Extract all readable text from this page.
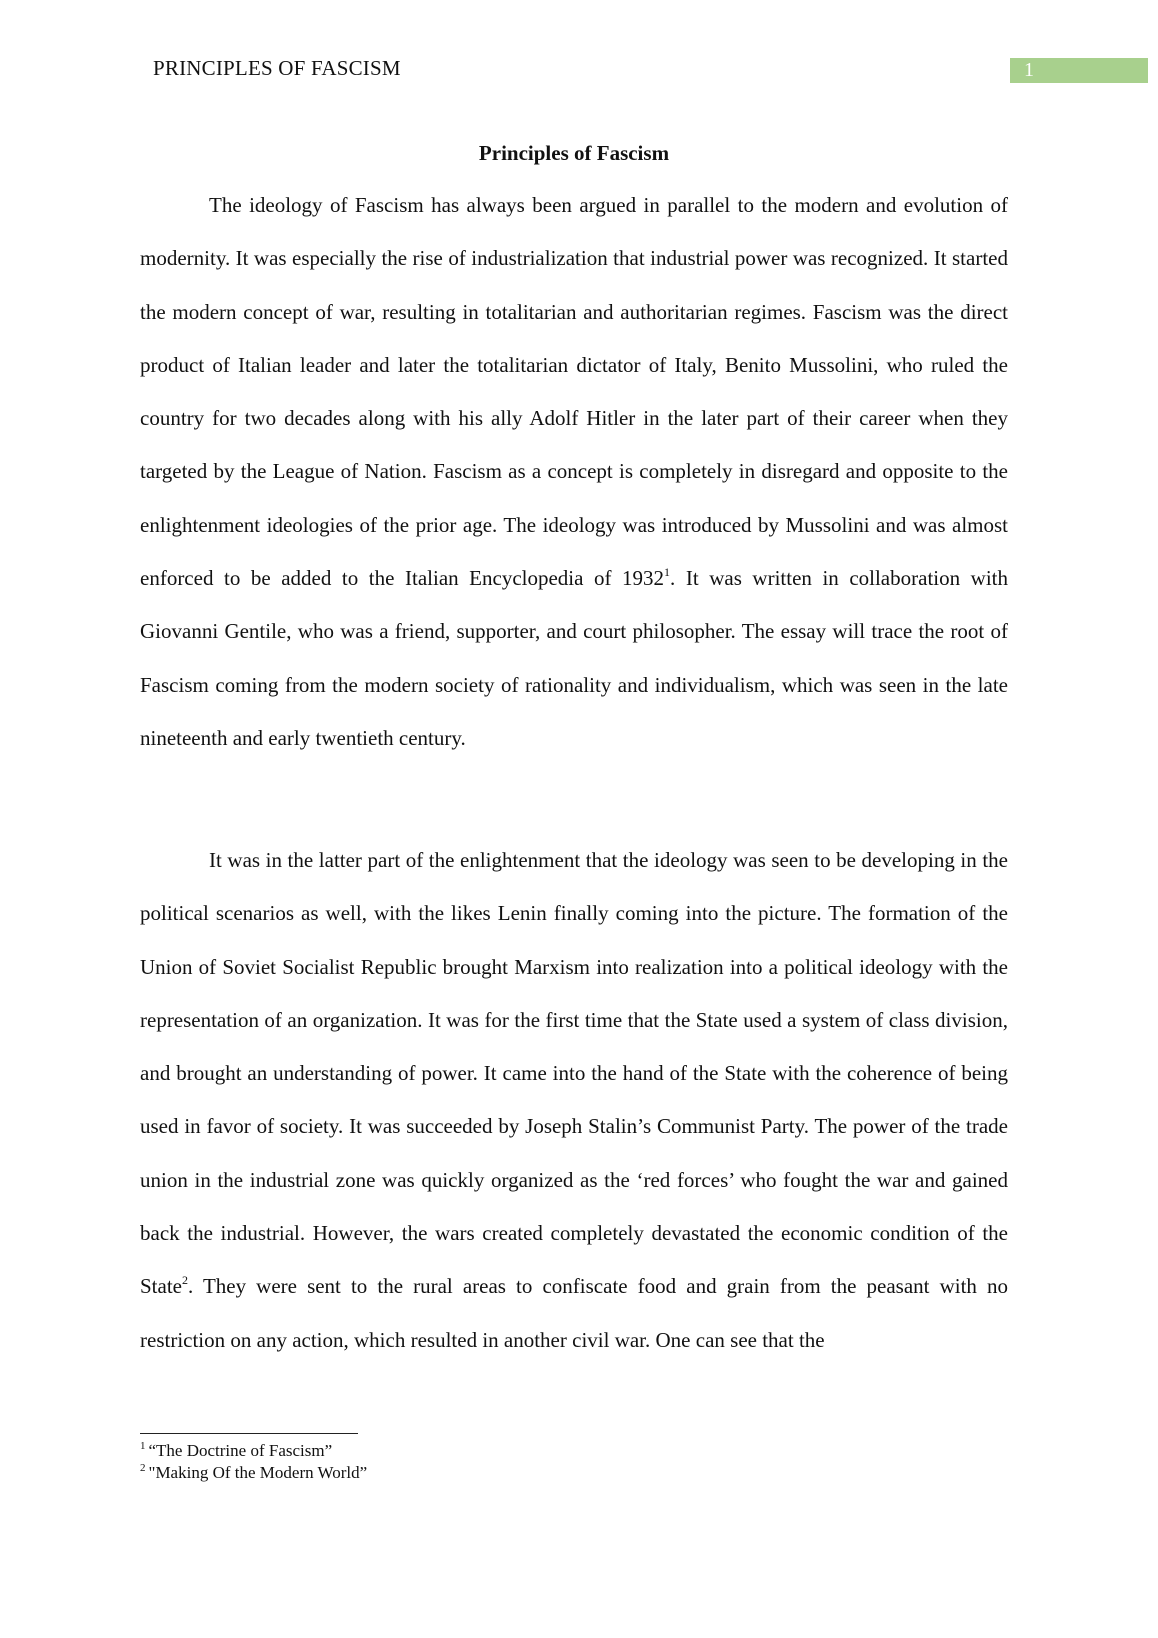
PRINCIPLES OF FASCISM	1
Principles of Fascism

The ideology of Fascism has always been argued in parallel to the modern and evolution of modernity. It was especially the rise of industrialization that industrial power was recognized. It started the modern concept of war, resulting in totalitarian and authoritarian regimes. Fascism was the direct product of Italian leader and later the totalitarian dictator of Italy, Benito Mussolini, who ruled the country for two decades along with his ally Adolf Hitler in the later part of their career when they targeted by the League of Nation. Fascism as a concept is completely in disregard and opposite to the enlightenment ideologies of the prior age. The ideology was introduced by Mussolini and was almost enforced to be added to the Italian Encyclopedia of 1932$^1$. It was written in collaboration with Giovanni Gentile, who was a friend, supporter, and court philosopher. The essay will trace the root of Fascism coming from the modern society of rationality and individualism, which was seen in the late nineteenth and early twentieth century.

It was in the latter part of the enlightenment that the ideology was seen to be developing in the political scenarios as well, with the likes Lenin finally coming into the picture. The formation of the Union of Soviet Socialist Republic brought Marxism into realization into a political ideology with the representation of an organization. It was for the first time that the State used a system of class division, and brought an understanding of power. It came into the hand of the State with the coherence of being used in favor of society. It was succeeded by Joseph Stalin’s Communist Party. The power of the trade union in the industrial zone was quickly organized as the ‘red forces’ who fought the war and gained back the industrial. However, the wars created completely devastated the economic condition of the State$^2$. They were sent to the rural areas to confiscate food and grain from the peasant with no restriction on any action, which resulted in another civil war. One can see that the

$^1$ “The Doctrine of Fascism”
$^2$ "Making Of the Modern World”
